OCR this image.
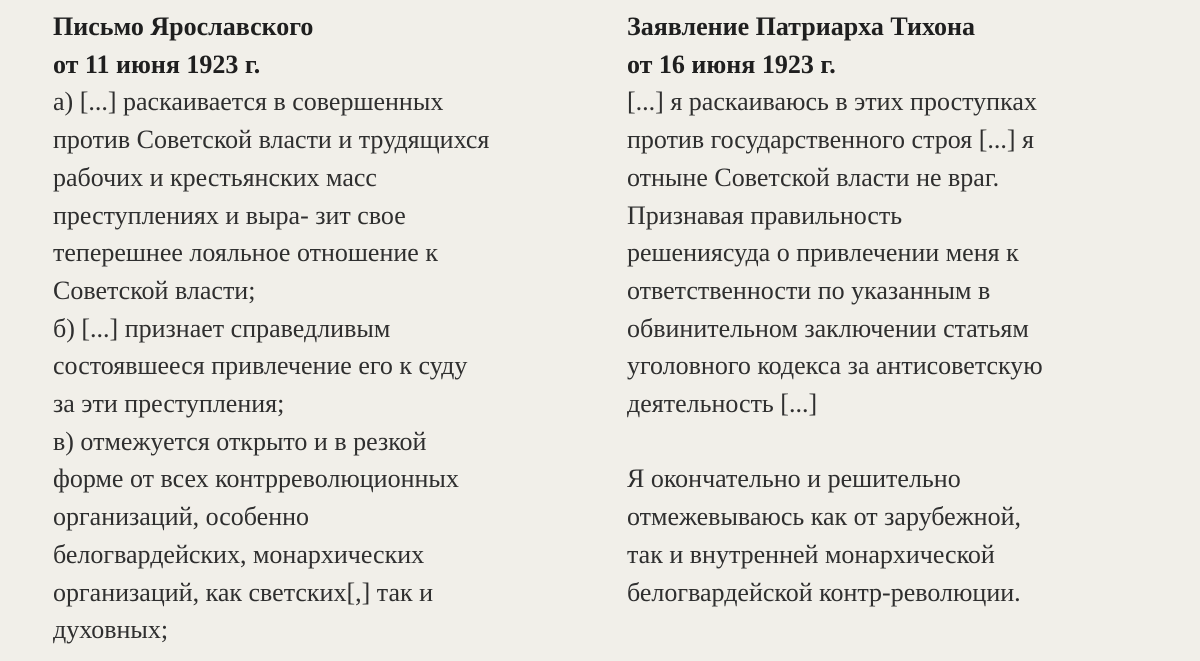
Письмо Ярославского
от 11 июня 1923 г.
а) [...] раскаивается в совершенных
против Советской власти и трудящихся
рабочих и крестьянских масс
преступлениях и выра- зит свое
теперешнее лояльное отношение к
Советской власти;
б) [...] признает справедливым
состоявшееся привлечение его к суду
за эти преступления;
в) отмежуется открыто и в резкой
форме от всех контрреволюционных
организаций, особенно
белогвардейских, монархических
организаций, как светских[,] так и
духовных;
Заявление Патриарха Тихона
от 16 июня 1923 г.
[...] я раскаиваюсь в этих проступках
против государственного строя [...] я
отныне Советской власти не враг.
Признавая правильность
решениясуда о привлечении меня к
ответственности по указанным в
обвинительном заключении статьям
уголовного кодекса за антисоветскую
деятельность [...]
Я окончательно и решительно
отмежевываюсь как от зарубежной,
так и внутренней монархической
белогвардейской контр-революции.
